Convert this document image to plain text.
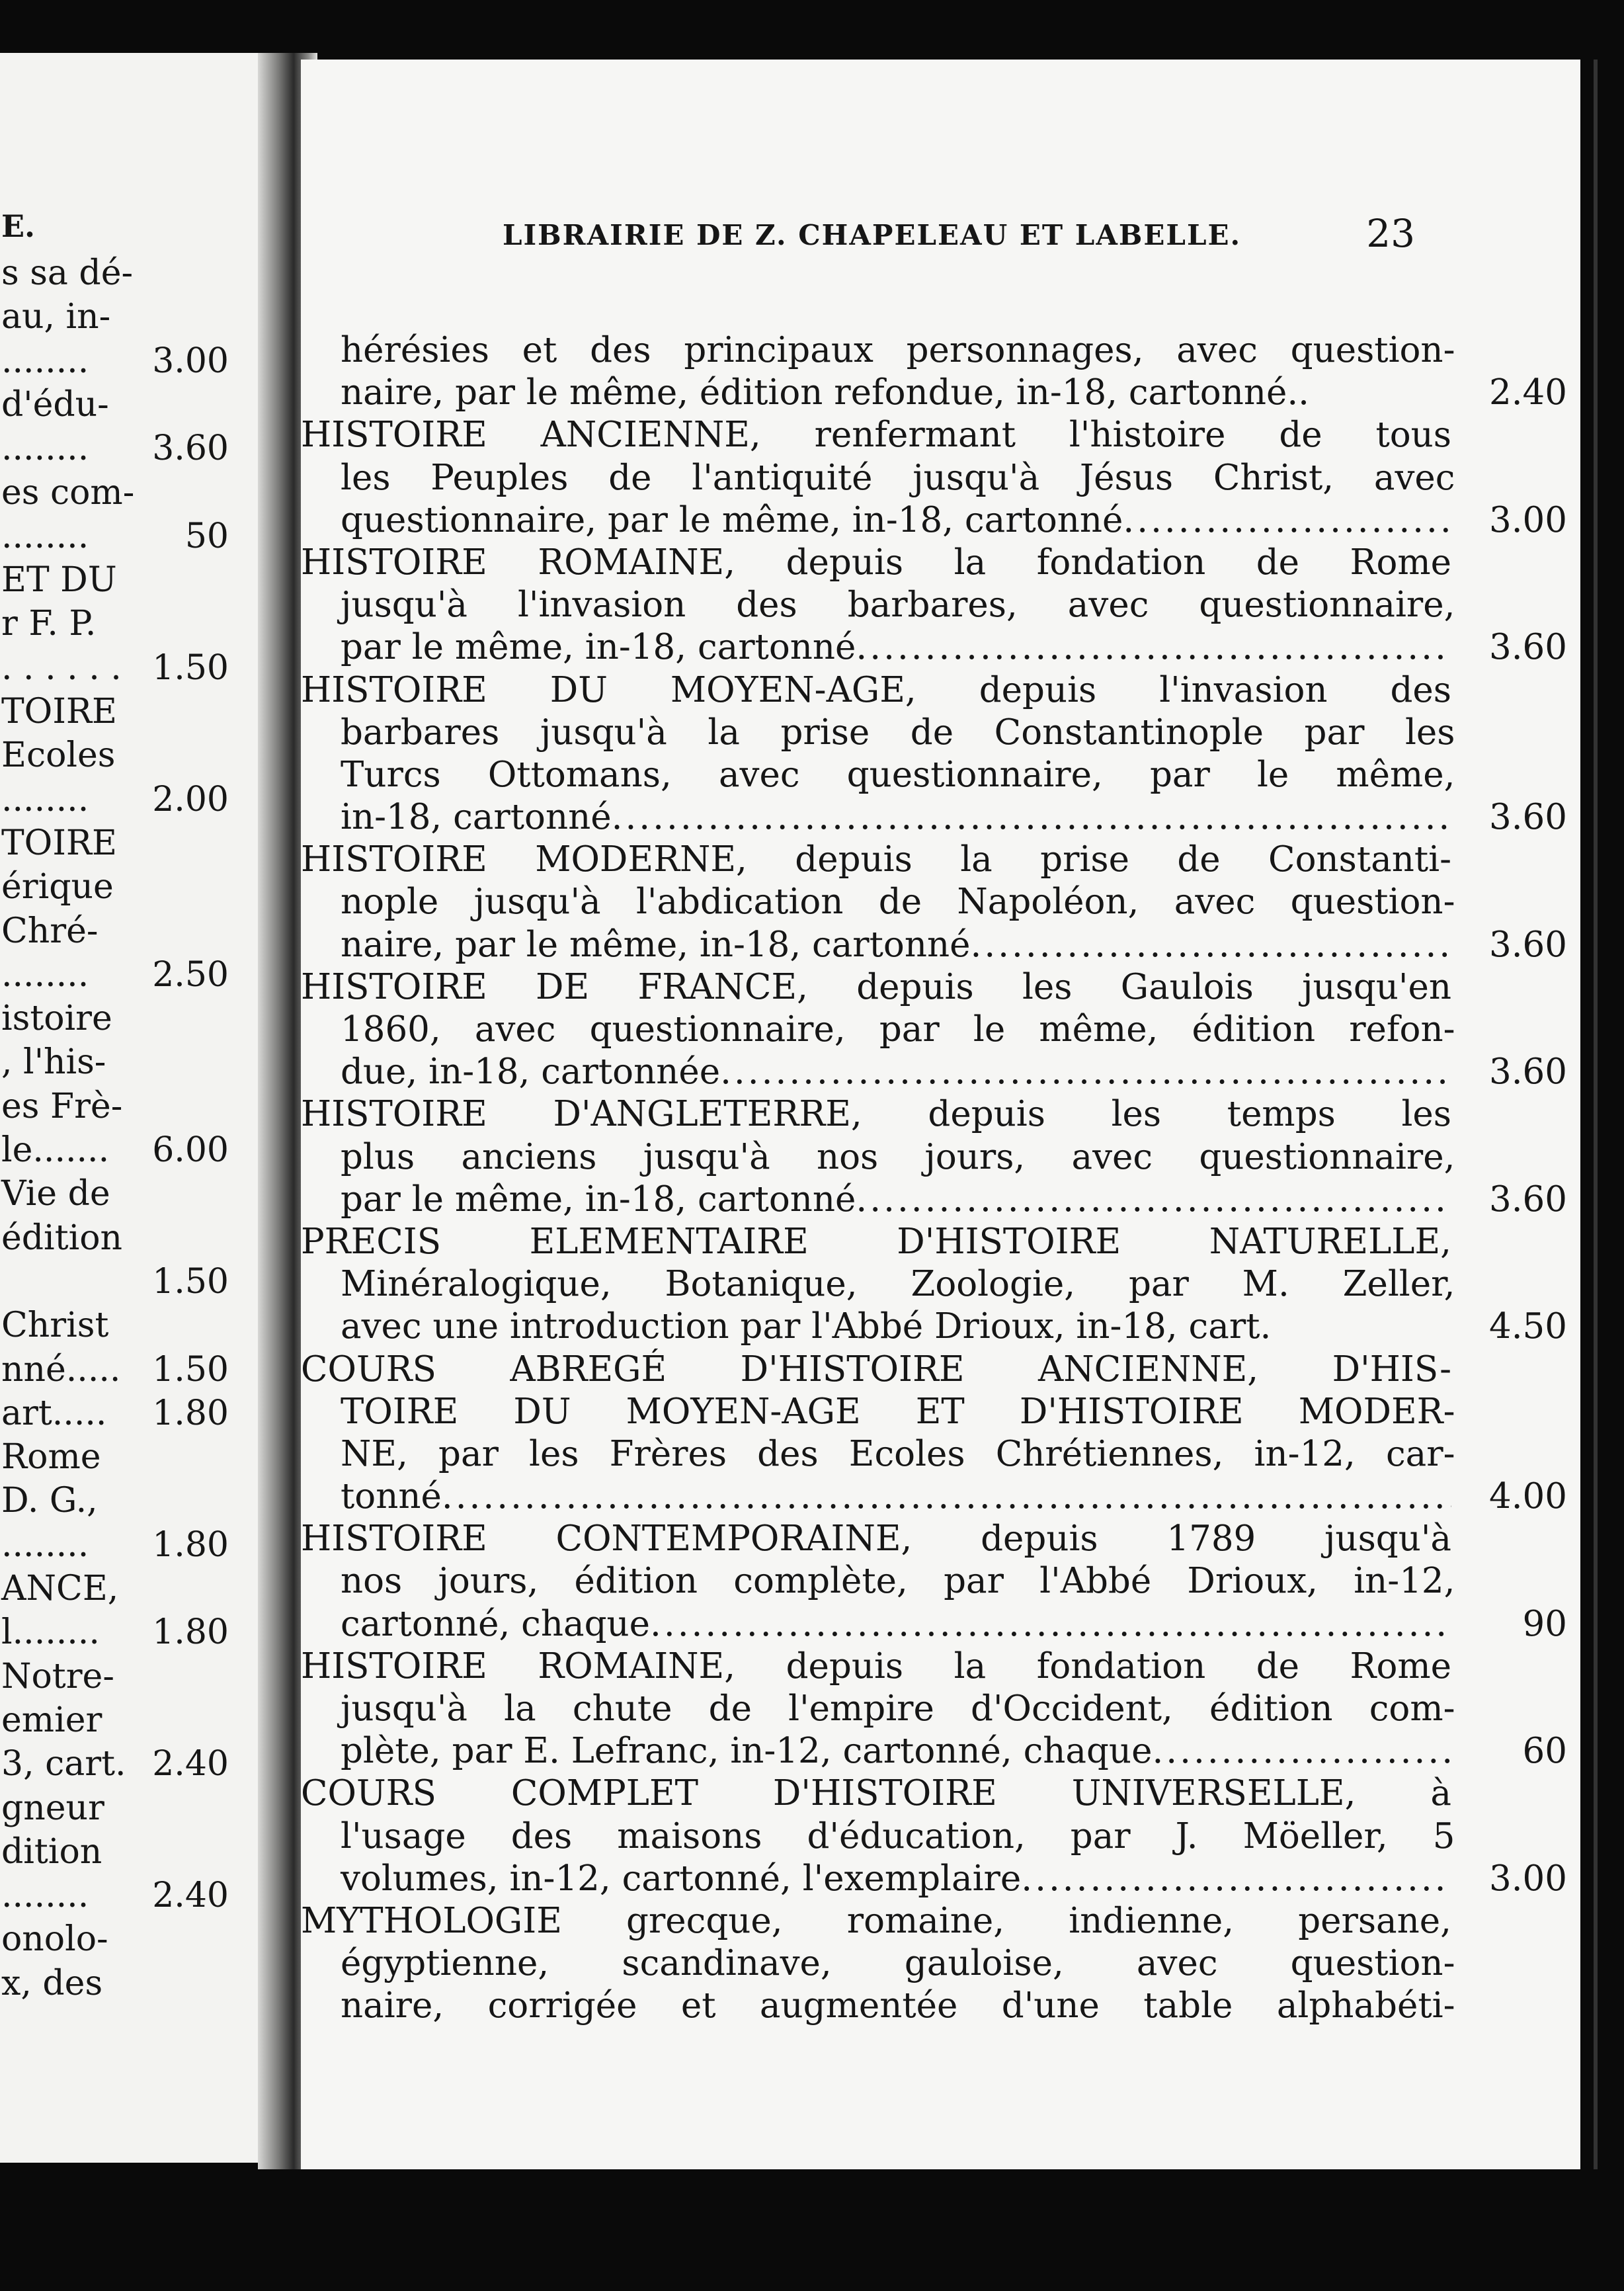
E.
s sa dé-
au, in-
........ 3.00
d'édu-
........ 3.60
es com-
........	50
ET DU
r F. P.
. . . . . . 1.50
TOIRE
Ecoles
........ 2.00
TOIRE
érique
Chré-
........ 2.50
istoire
, l'his-
es Frè-
le....... 6.00
Vie de
édition
1.50
Christ
nné..... 1.50
art..... 1.80
Rome
D. G.,
........ 1.80
ANCE,
l........ 1.80
Notre-
emier
3, cart. 2.40
gneur
dition
........ 2.40
onolo-
x, des
LIBRAIRIE DE Z. CHAPELEAU ET LABELLE.	23
hérésies et des principaux personnages, avec question-
naire, par le même, édition refondue, in-18, cartonné..	2.40
HISTOIRE ANCIENNE, renfermant l'histoire de tous
les Peuples de l'antiquité jusqu'à Jésus Christ, avec
questionnaire, par le même, in-18, cartonné .....	3.00
HISTOIRE ROMAINE, depuis la fondation de Rome
jusqu'à l'invasion des barbares, avec questionnaire,
par le même, in-18, cartonné .....	3.60
HISTOIRE DU MOYEN-AGE, depuis l'invasion des
barbares jusqu'à la prise de Constantinople par les
Turcs Ottomans, avec questionnaire, par le même,
in-18, cartonné .....	3.60
HISTOIRE MODERNE, depuis la prise de Constanti-
nople jusqu'à l'abdication de Napoléon, avec question-
naire, par le même, in-18, cartonné .....	3.60
HISTOIRE DE FRANCE, depuis les Gaulois jusqu'en
1860, avec questionnaire, par le même, édition refon-
due, in-18, cartonnée .....	3.60
HISTOIRE D'ANGLETERRE, depuis les temps les
plus anciens jusqu'à nos jours, avec questionnaire,
par le même, in-18, cartonné .....	3.60
PRECIS ELEMENTAIRE D'HISTOIRE NATURELLE,
Minéralogique, Botanique, Zoologie, par M. Zeller,
avec une introduction par l'Abbé Drioux, in-18, cart.	4.50
COURS ABREGÉ D'HISTOIRE ANCIENNE, D'HIS-
TOIRE DU MOYEN-AGE ET D'HISTOIRE MODER-
NE, par les Frères des Ecoles Chrétiennes, in-12, car-
tonné .....	4.00
HISTOIRE CONTEMPORAINE, depuis 1789 jusqu'à
nos jours, édition complète, par l'Abbé Drioux, in-12,
cartonné, chaque .....	90
HISTOIRE ROMAINE, depuis la fondation de Rome
jusqu'à la chute de l'empire d'Occident, édition com-
plète, par E. Lefranc, in-12, cartonné, chaque .....	60
COURS COMPLET D'HISTOIRE UNIVERSELLE, à
l'usage des maisons d'éducation, par J. Möeller, 5
volumes, in-12, cartonné, l'exemplaire .....	3.00
MYTHOLOGIE grecque, romaine, indienne, persane,
égyptienne, scandinave, gauloise, avec question-
naire, corrigée et augmentée d'une table alphabéti-
